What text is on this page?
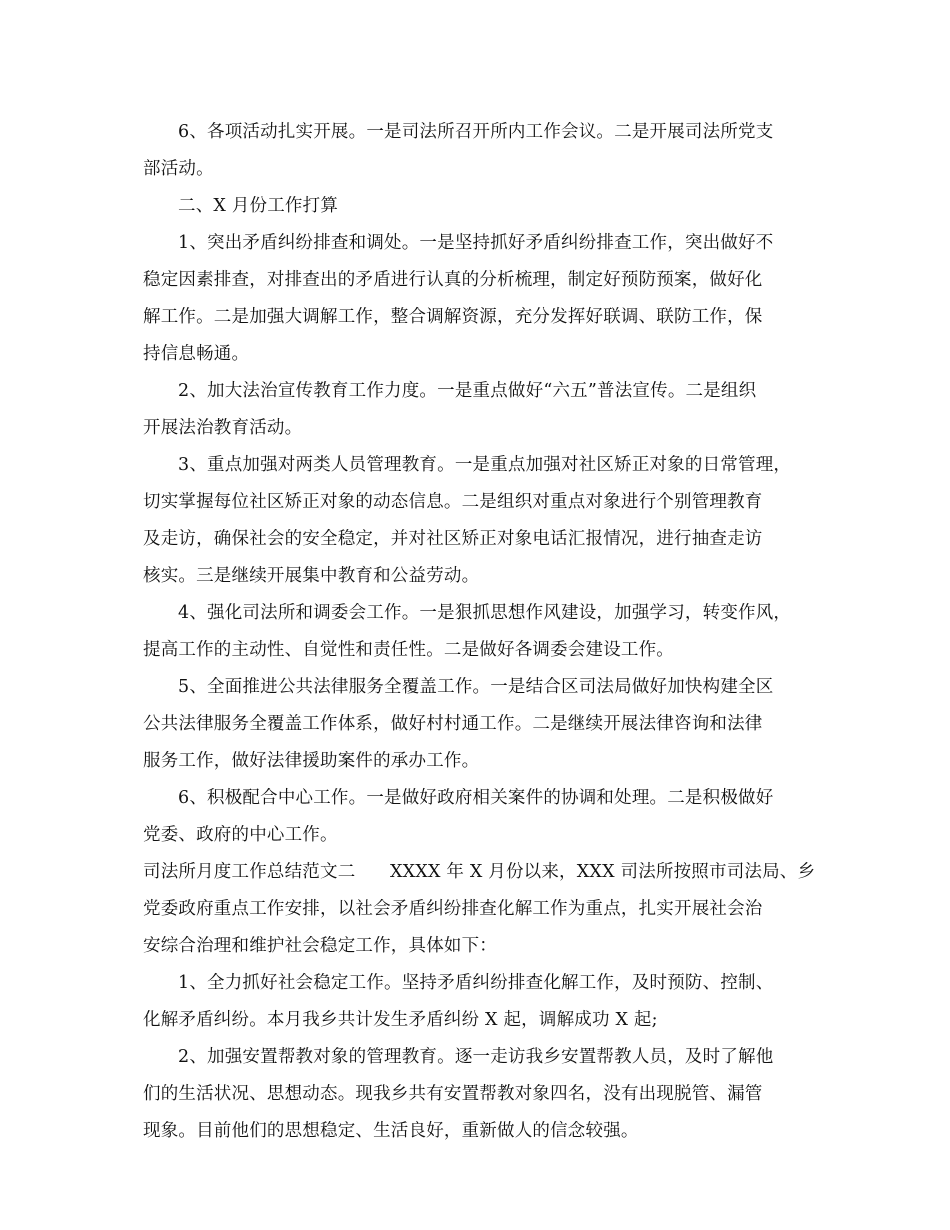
6、各项活动扎实开展。一是司法所召开所内工作会议。二是开展司法所党支
部活动。
二、X 月份工作打算
1、突出矛盾纠纷排查和调处。一是坚持抓好矛盾纠纷排查工作，突出做好不
稳定因素排查，对排查出的矛盾进行认真的分析梳理，制定好预防预案，做好化
解工作。二是加强大调解工作，整合调解资源，充分发挥好联调、联防工作，保
持信息畅通。
2、加大法治宣传教育工作力度。一是重点做好“六五”普法宣传。二是组织
开展法治教育活动。
3、重点加强对两类人员管理教育。一是重点加强对社区矫正对象的日常管理，
切实掌握每位社区矫正对象的动态信息。二是组织对重点对象进行个别管理教育
及走访，确保社会的安全稳定，并对社区矫正对象电话汇报情况，进行抽查走访
核实。三是继续开展集中教育和公益劳动。
4、强化司法所和调委会工作。一是狠抓思想作风建设，加强学习，转变作风，
提高工作的主动性、自觉性和责任性。二是做好各调委会建设工作。
5、全面推进公共法律服务全覆盖工作。一是结合区司法局做好加快构建全区
公共法律服务全覆盖工作体系，做好村村通工作。二是继续开展法律咨询和法律
服务工作，做好法律援助案件的承办工作。
6、积极配合中心工作。一是做好政府相关案件的协调和处理。二是积极做好
党委、政府的中心工作。
司法所月度工作总结范文二      XXXX 年 X 月份以来，XXX 司法所按照市司法局、乡
党委政府重点工作安排，以社会矛盾纠纷排查化解工作为重点，扎实开展社会治
安综合治理和维护社会稳定工作，具体如下：
1、全力抓好社会稳定工作。坚持矛盾纠纷排查化解工作，及时预防、控制、
化解矛盾纠纷。本月我乡共计发生矛盾纠纷 X 起，调解成功 X 起;
2、加强安置帮教对象的管理教育。逐一走访我乡安置帮教人员，及时了解他
们的生活状况、思想动态。现我乡共有安置帮教对象四名，没有出现脱管、漏管
现象。目前他们的思想稳定、生活良好，重新做人的信念较强。
